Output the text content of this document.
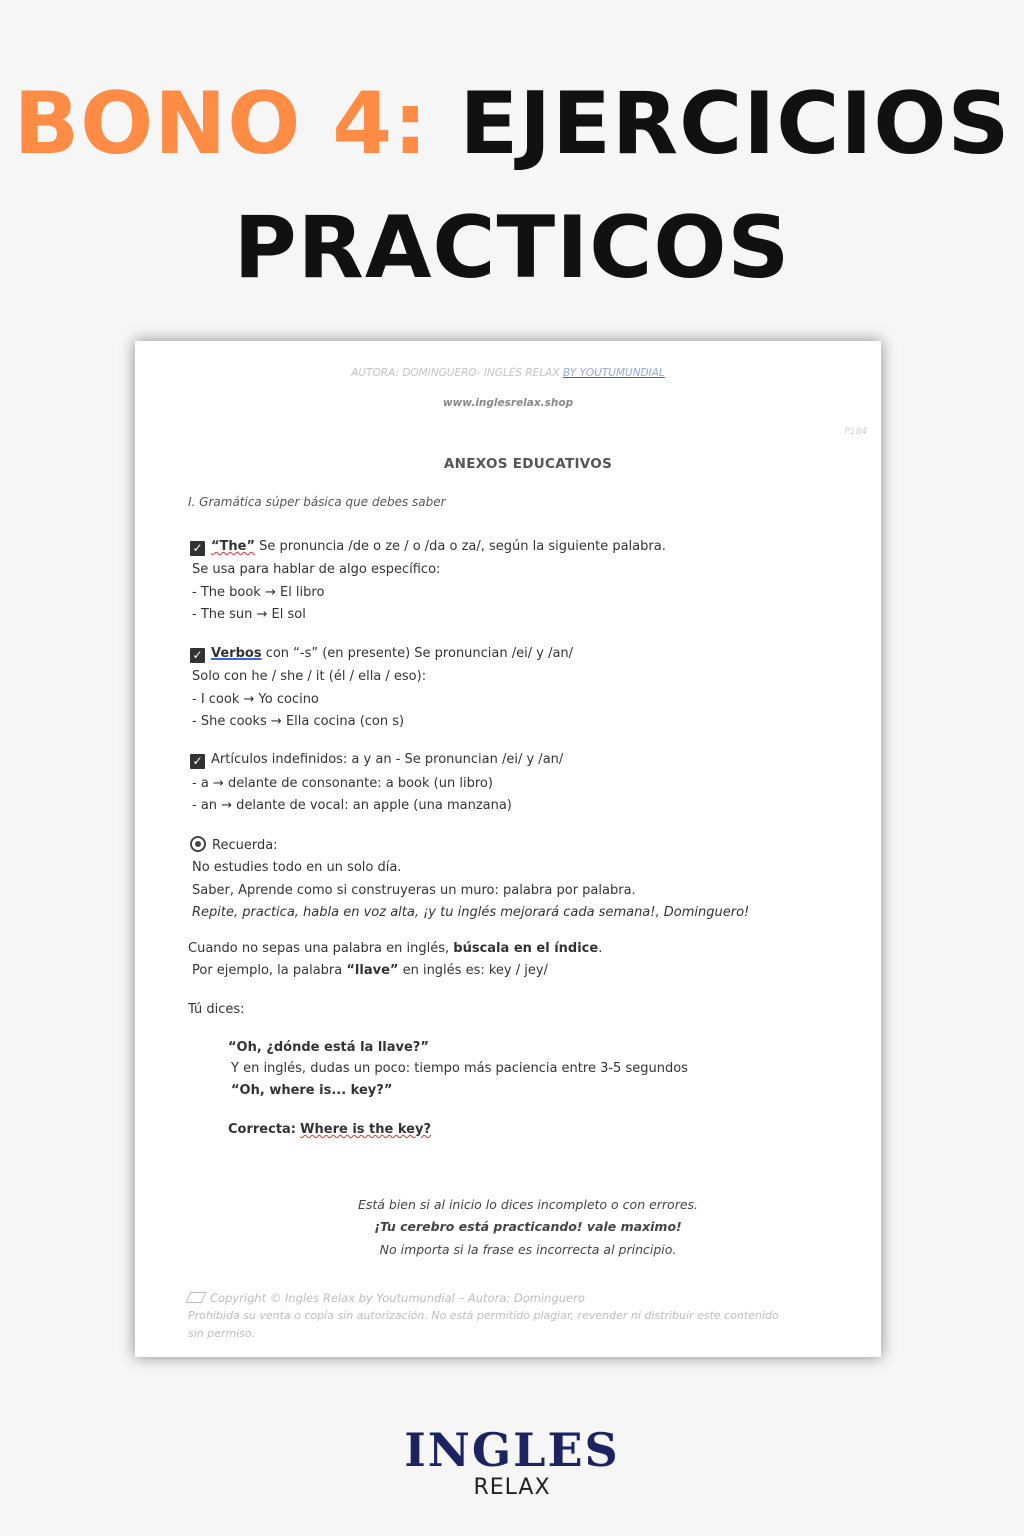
BONO 4: EJERCICIOS
PRACTICOS
AUTORA: DOMINGUERO- INGLÉS RELAX BY YOUTUMUNDIAL
www.inglesrelax.shop
P184
ANEXOS EDUCATIVOS
I. Gramática súper básica que debes saber
✓ “The” Se pronuncia /de o ze / o /da o za/, según la siguiente palabra.
Se usa para hablar de algo específico:
- The book → El libro
- The sun → El sol
✓ Verbos con “-s” (en presente) Se pronuncian /ei/ y /an/
Solo con he / she / it (él / ella / eso):
- I cook → Yo cocino
- She cooks → Ella cocina (con s)
✓ Artículos indefinidos: a y an - Se pronuncian /ei/ y /an/
- a → delante de consonante: a book (un libro)
- an → delante de vocal: an apple (una manzana)
Recuerda:
No estudies todo en un solo día.
Saber, Aprende como si construyeras un muro: palabra por palabra.
Repite, practica, habla en voz alta, ¡y tu inglés mejorará cada semana!, Dominguero!
Cuando no sepas una palabra en inglés, búscala en el índice.
Por ejemplo, la palabra “llave” en inglés es: key / jey/
Tú dices:
“Oh, ¿dónde está la llave?”
Y en inglés, dudas un poco: tiempo más paciencia entre 3-5 segundos
“Oh, where is... key?”
Correcta: Where is the key?
Está bien si al inicio lo dices incompleto o con errores.
¡Tu cerebro está practicando! vale maximo!
No importa si la frase es incorrecta al principio.
Copyright © Ingles Relax by Youtumundial – Autora: Dominguero
Prohibida su venta o copia sin autorización. No está permitido plagiar, revender ni distribuir este contenido
sin permiso.
INGLES
RELAX
